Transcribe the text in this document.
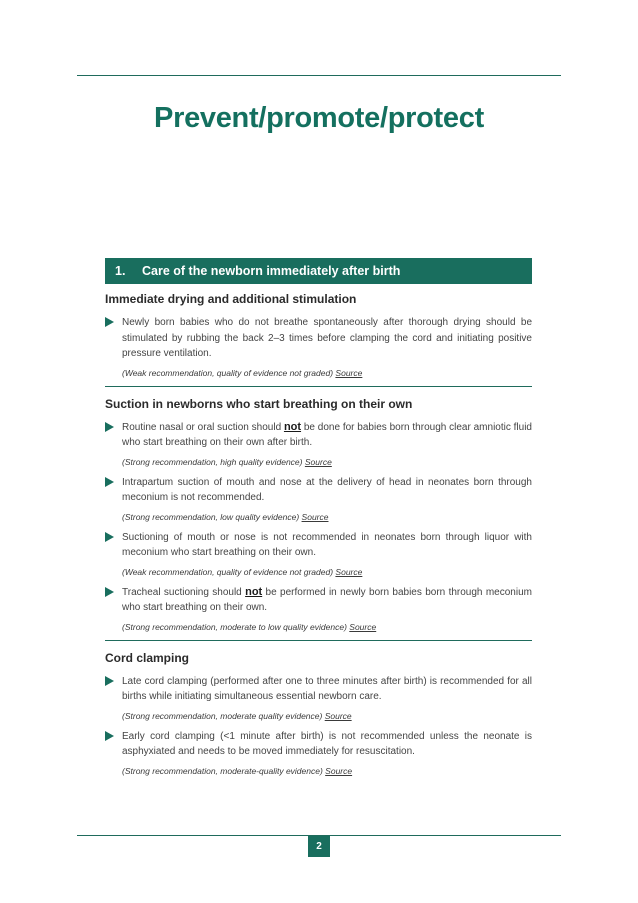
Prevent/promote/protect
1.	Care of the newborn immediately after birth
Immediate drying and additional stimulation
Newly born babies who do not breathe spontaneously after thorough drying should be stimulated by rubbing the back 2–3 times before clamping the cord and initiating positive pressure ventilation.
(Weak recommendation, quality of evidence not graded) Source
Suction in newborns who start breathing on their own
Routine nasal or oral suction should not be done for babies born through clear amniotic fluid who start breathing on their own after birth.
(Strong recommendation, high quality evidence) Source
Intrapartum suction of mouth and nose at the delivery of head in neonates born through meconium is not recommended.
(Strong recommendation, low quality evidence) Source
Suctioning of mouth or nose is not recommended in neonates born through liquor with meconium who start breathing on their own.
(Weak recommendation, quality of evidence not graded) Source
Tracheal suctioning should not be performed in newly born babies born through meconium who start breathing on their own.
(Strong recommendation, moderate to low quality evidence) Source
Cord clamping
Late cord clamping (performed after one to three minutes after birth) is recommended for all births while initiating simultaneous essential newborn care.
(Strong recommendation, moderate quality evidence) Source
Early cord clamping (<1 minute after birth) is not recommended unless the neonate is asphyxiated and needs to be moved immediately for resuscitation.
(Strong recommendation, moderate-quality evidence) Source
2
